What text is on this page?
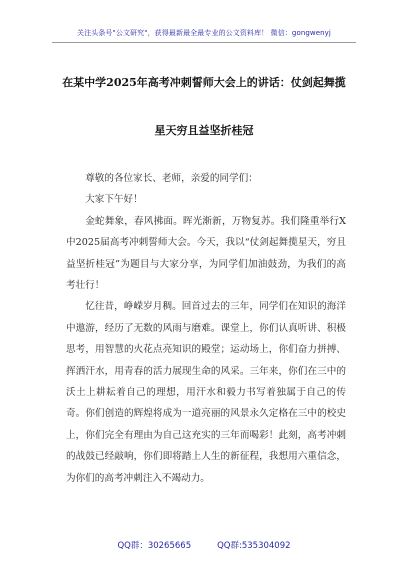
关注头条号"公文研究"，获得最新最全最专业的公文资料库！ 微信：gongwenyj
在某中学2025年高考冲刺誓师大会上的讲话：仗剑起舞揽
星天穷且益坚折桂冠

尊敬的各位家长、老师，亲爱的同学们：

大家下午好！

金蛇舞象，春风拂面。晖光渐新，万物复苏。我们隆重举行X中2025届高考冲刺誓师大会。今天，我以“仗剑起舞揽星天，穷且益坚折桂冠”为题目与大家分享，为同学们加油鼓劲，为我们的高考壮行！

忆往昔，峥嵘岁月稠。回首过去的三年，同学们在知识的海洋中遨游，经历了无数的风雨与磨难。课堂上，你们认真听讲、积极思考，用智慧的火花点亮知识的殿堂；运动场上，你们奋力拼搏、挥洒汗水，用青春的活力展现生命的风采。三年来，你们在三中的沃土上耕耘着自己的理想，用汗水和毅力书写着独属于自己的传奇。你们创造的辉煌将成为一道亮丽的风景永久定格在三中的校史上，你们完全有理由为自己这充实的三年而喝彩！此刻，高考冲刺的战鼓已经敲响，你们即将踏上人生的新征程，我想用六重信念，为你们的高考冲刺注入不竭动力。

QQ群：30265665	QQ群:535304092
